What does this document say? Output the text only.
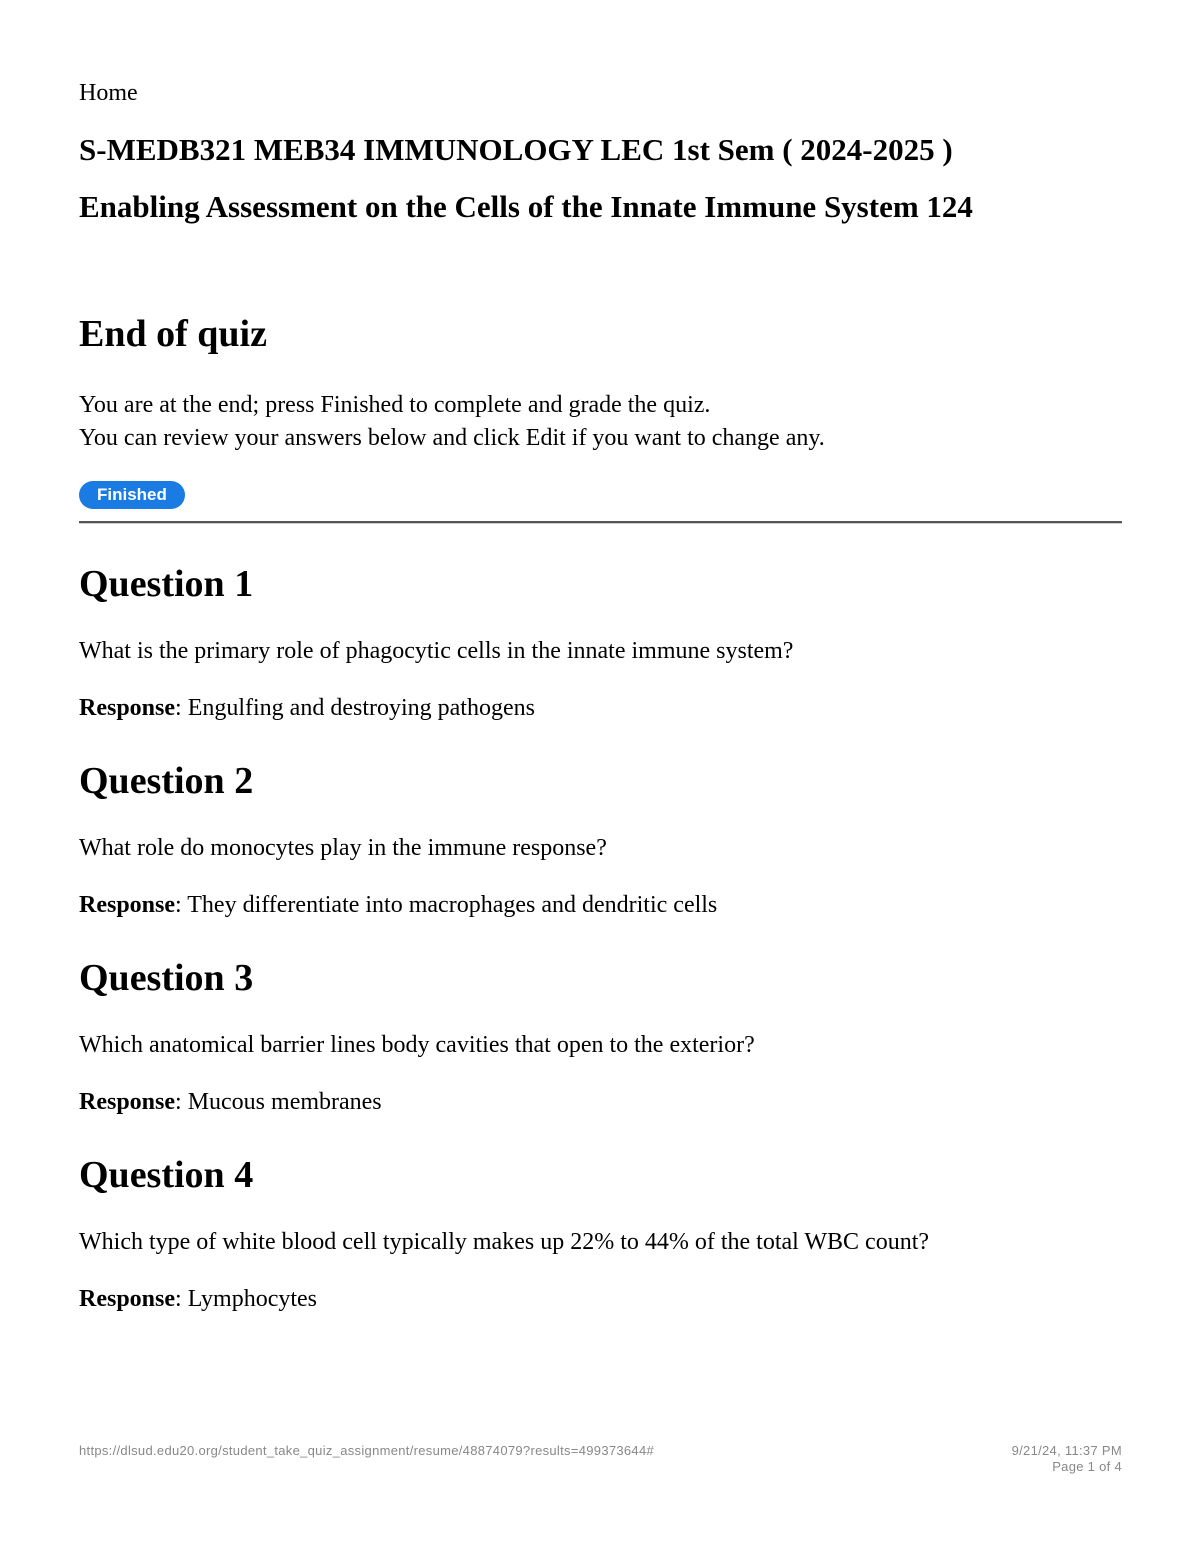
Home
S-MEDB321 MEB34 IMMUNOLOGY LEC 1st Sem ( 2024-2025 )
Enabling Assessment on the Cells of the Innate Immune System 124
End of quiz
You are at the end; press Finished to complete and grade the quiz.
You can review your answers below and click Edit if you want to change any.
Finished
Question 1
What is the primary role of phagocytic cells in the innate immune system?
Response: Engulfing and destroying pathogens
Question 2
What role do monocytes play in the immune response?
Response: They differentiate into macrophages and dendritic cells
Question 3
Which anatomical barrier lines body cavities that open to the exterior?
Response: Mucous membranes
Question 4
Which type of white blood cell typically makes up 22% to 44% of the total WBC count?
Response: Lymphocytes
https://dlsud.edu20.org/student_take_quiz_assignment/resume/48874079?results=499373644#	9/21/24, 11:37 PM
Page 1 of 4
